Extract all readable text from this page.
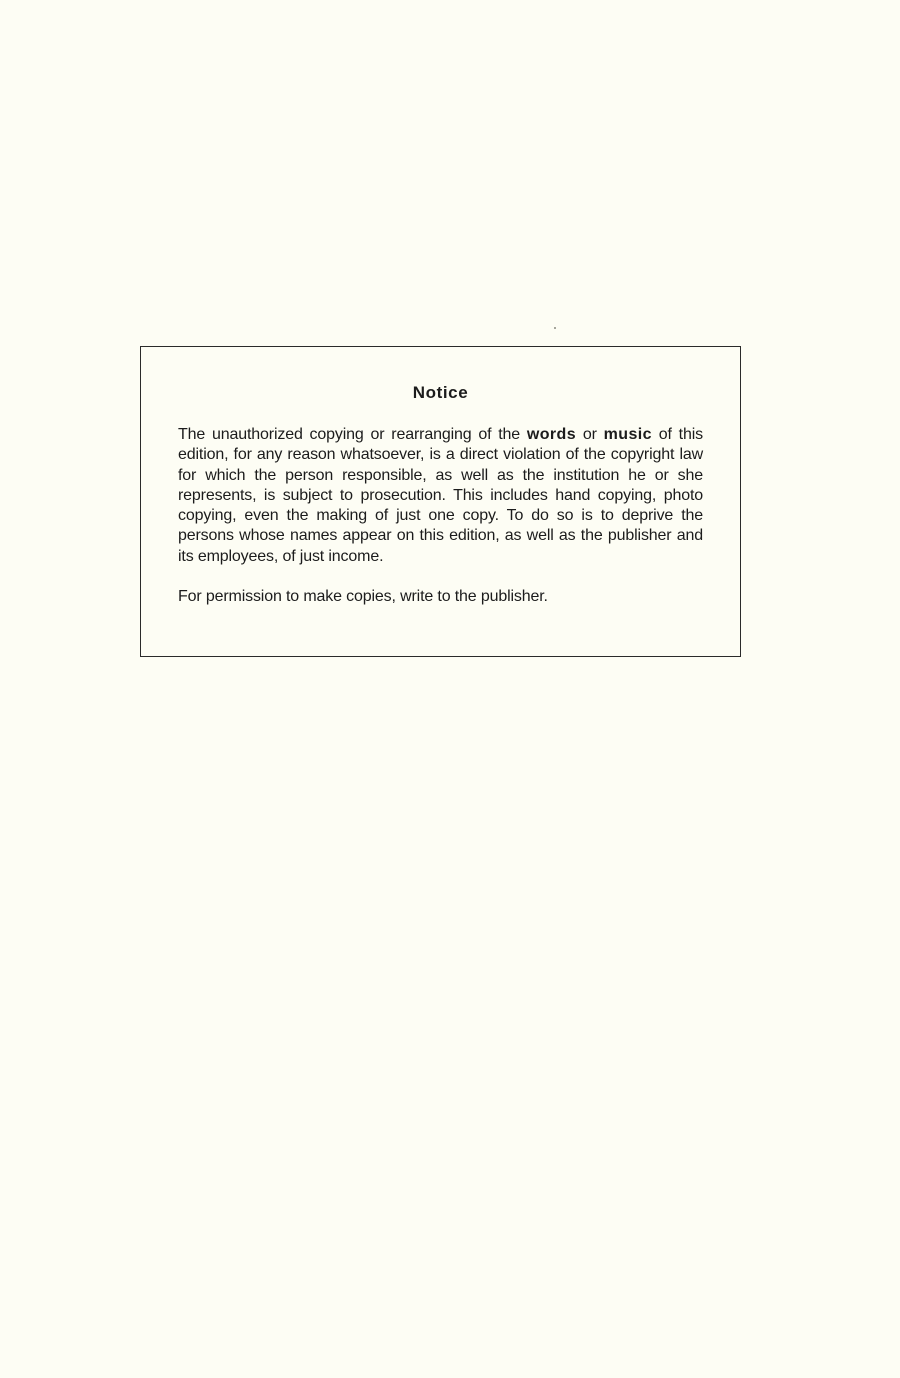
Notice

The unauthorized copying or rearranging of the words or music of this edition, for any reason whatsoever, is a direct violation of the copyright law for which the person responsible, as well as the institution he or she represents, is subject to prosecution. This includes hand copying, photo copying, even the making of just one copy. To do so is to deprive the persons whose names appear on this edition, as well as the publisher and its employees, of just income.

For permission to make copies, write to the publisher.
